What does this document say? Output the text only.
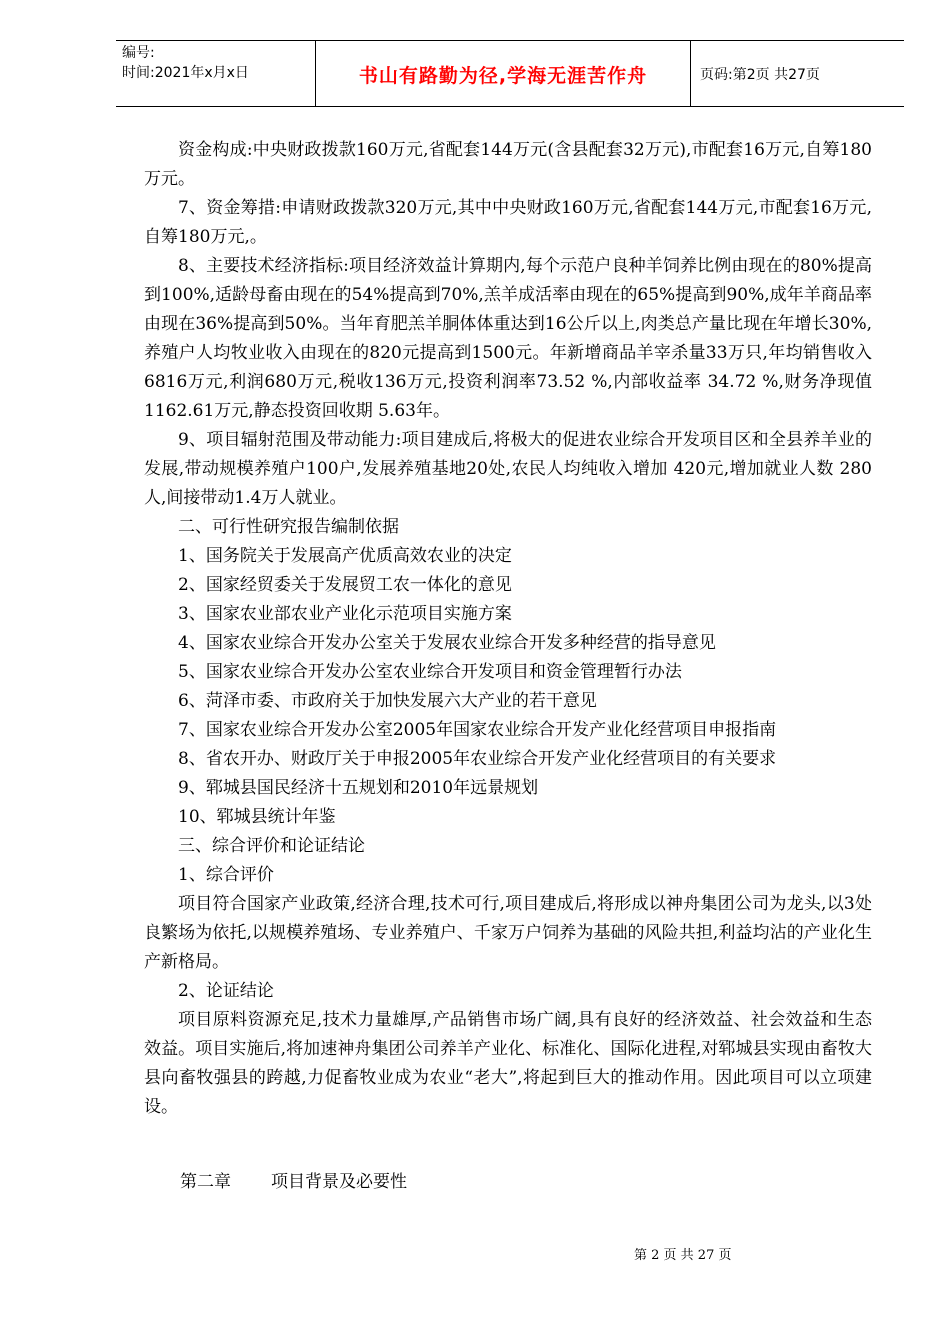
编号:
时间:2021年x月x日	书山有路勤为径,学海无涯苦作舟	页码:第2页 共27页

资金构成:中央财政拨款160万元,省配套144万元(含县配套32万元),市配套16万元,自筹180万元。

7、资金筹措:申请财政拨款320万元,其中中央财政160万元,省配套144万元,市配套16万元,自筹180万元,。

8、主要技术经济指标:项目经济效益计算期内,每个示范户良种羊饲养比例由现在的80%提高到100%,适龄母畜由现在的54%提高到70%,羔羊成活率由现在的65%提高到90%,成年羊商品率由现在36%提高到50%。当年育肥羔羊胴体体重达到16公斤以上,肉类总产量比现在年增长30%,养殖户人均牧业收入由现在的820元提高到1500元。年新增商品羊宰杀量33万只,年均销售收入6816万元,利润680万元,税收136万元,投资利润率73.52 %,内部收益率 34.72 %,财务净现值1162.61万元,静态投资回收期 5.63年。

9、项目辐射范围及带动能力:项目建成后,将极大的促进农业综合开发项目区和全县养羊业的发展,带动规模养殖户100户,发展养殖基地20处,农民人均纯收入增加 420元,增加就业人数 280人,间接带动1.4万人就业。

二、可行性研究报告编制依据

1、国务院关于发展高产优质高效农业的决定

2、国家经贸委关于发展贸工农一体化的意见

3、国家农业部农业产业化示范项目实施方案

4、国家农业综合开发办公室关于发展农业综合开发多种经营的指导意见

5、国家农业综合开发办公室农业综合开发项目和资金管理暂行办法

6、菏泽市委、市政府关于加快发展六大产业的若干意见

7、国家农业综合开发办公室2005年国家农业综合开发产业化经营项目申报指南

8、省农开办、财政厅关于申报2005年农业综合开发产业化经营项目的有关要求

9、郓城县国民经济十五规划和2010年远景规划

10、郓城县统计年鉴

三、综合评价和论证结论

1、综合评价

项目符合国家产业政策,经济合理,技术可行,项目建成后,将形成以神舟集团公司为龙头,以3处良繁场为依托,以规模养殖场、专业养殖户、千家万户饲养为基础的风险共担,利益均沾的产业化生产新格局。

2、论证结论

项目原料资源充足,技术力量雄厚,产品销售市场广阔,具有良好的经济效益、社会效益和生态效益。项目实施后,将加速神舟集团公司养羊产业化、标准化、国际化进程,对郓城县实现由畜牧大县向畜牧强县的跨越,力促畜牧业成为农业“老大”,将起到巨大的推动作用。因此项目可以立项建设。

第二章 项目背景及必要性
第 2 页 共 27 页
